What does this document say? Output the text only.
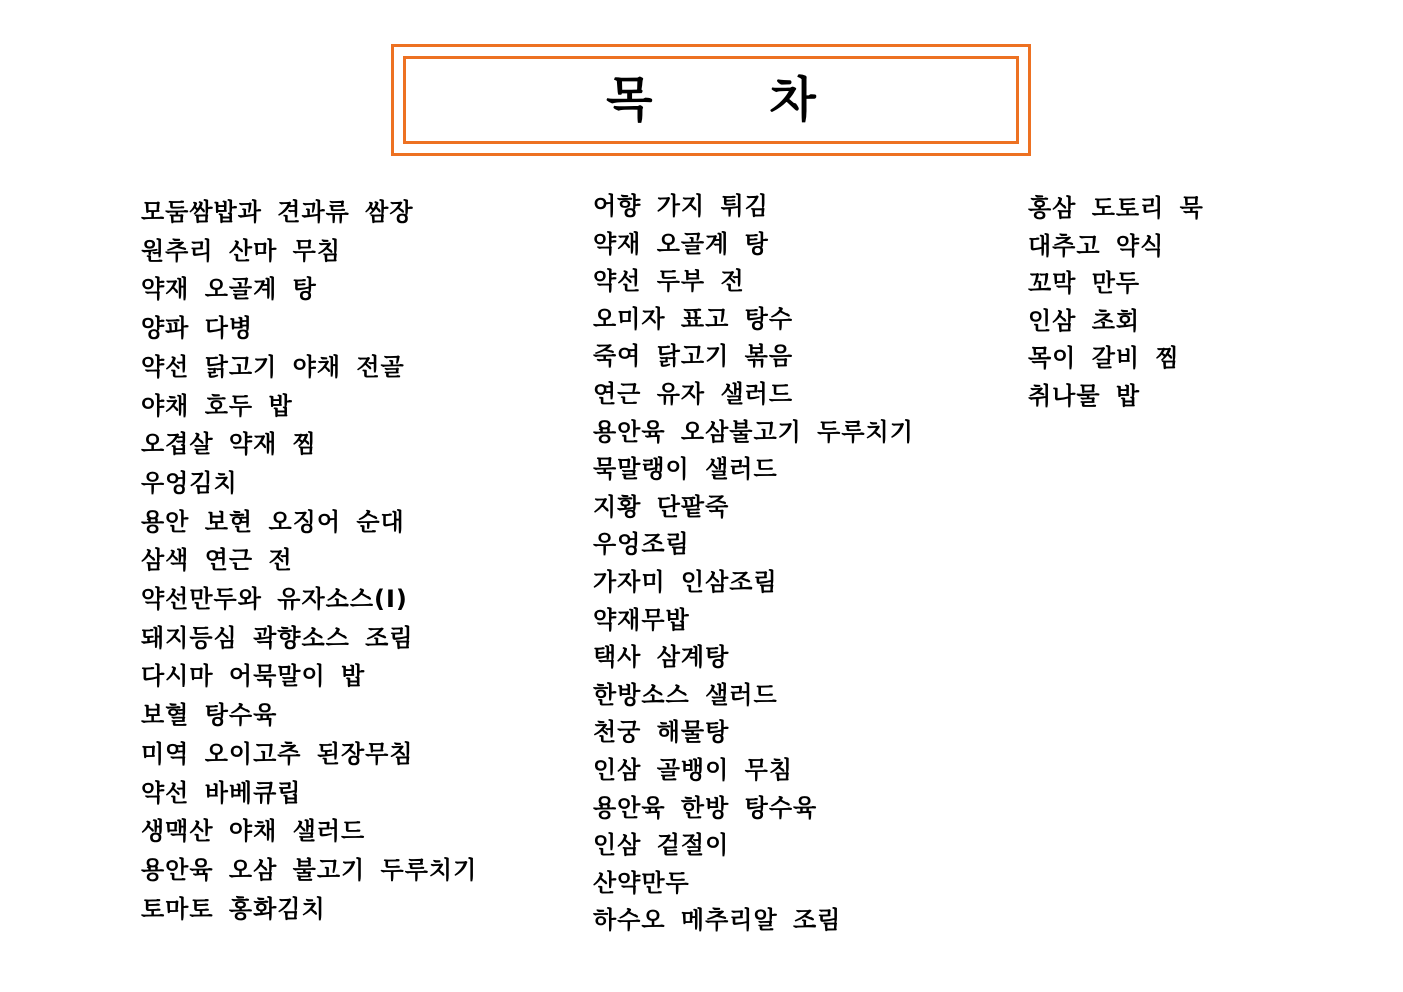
목       차
모둠쌈밥과 견과류 쌈장
원추리 산마 무침
약재 오골계 탕
양파 다병
약선 닭고기 야채 전골
야채 호두 밥
오겹살 약재 찜
우엉김치
용안 보현 오징어 순대
삼색 연근 전
약선만두와 유자소스(I)
돼지등심 곽향소스 조림
다시마 어묵말이 밥
보혈 탕수육
미역 오이고추 된장무침
약선 바베큐립
생맥산 야채 샐러드
용안육 오삼 불고기 두루치기
토마토 홍화김치
어향 가지 튀김
약재 오골계 탕
약선 두부 전
오미자 표고 탕수
죽여 닭고기 볶음
연근 유자 샐러드
용안육 오삼불고기 두루치기
묵말랭이 샐러드
지황 단팥죽
우엉조림
가자미 인삼조림
약재무밥
택사 삼계탕
한방소스 샐러드
천궁 해물탕
인삼 골뱅이 무침
용안육 한방 탕수육
인삼 겉절이
산약만두
하수오 메추리알 조림
홍삼 도토리 묵
대추고 약식
꼬막 만두
인삼 초회
목이 갈비 찜
취나물 밥
